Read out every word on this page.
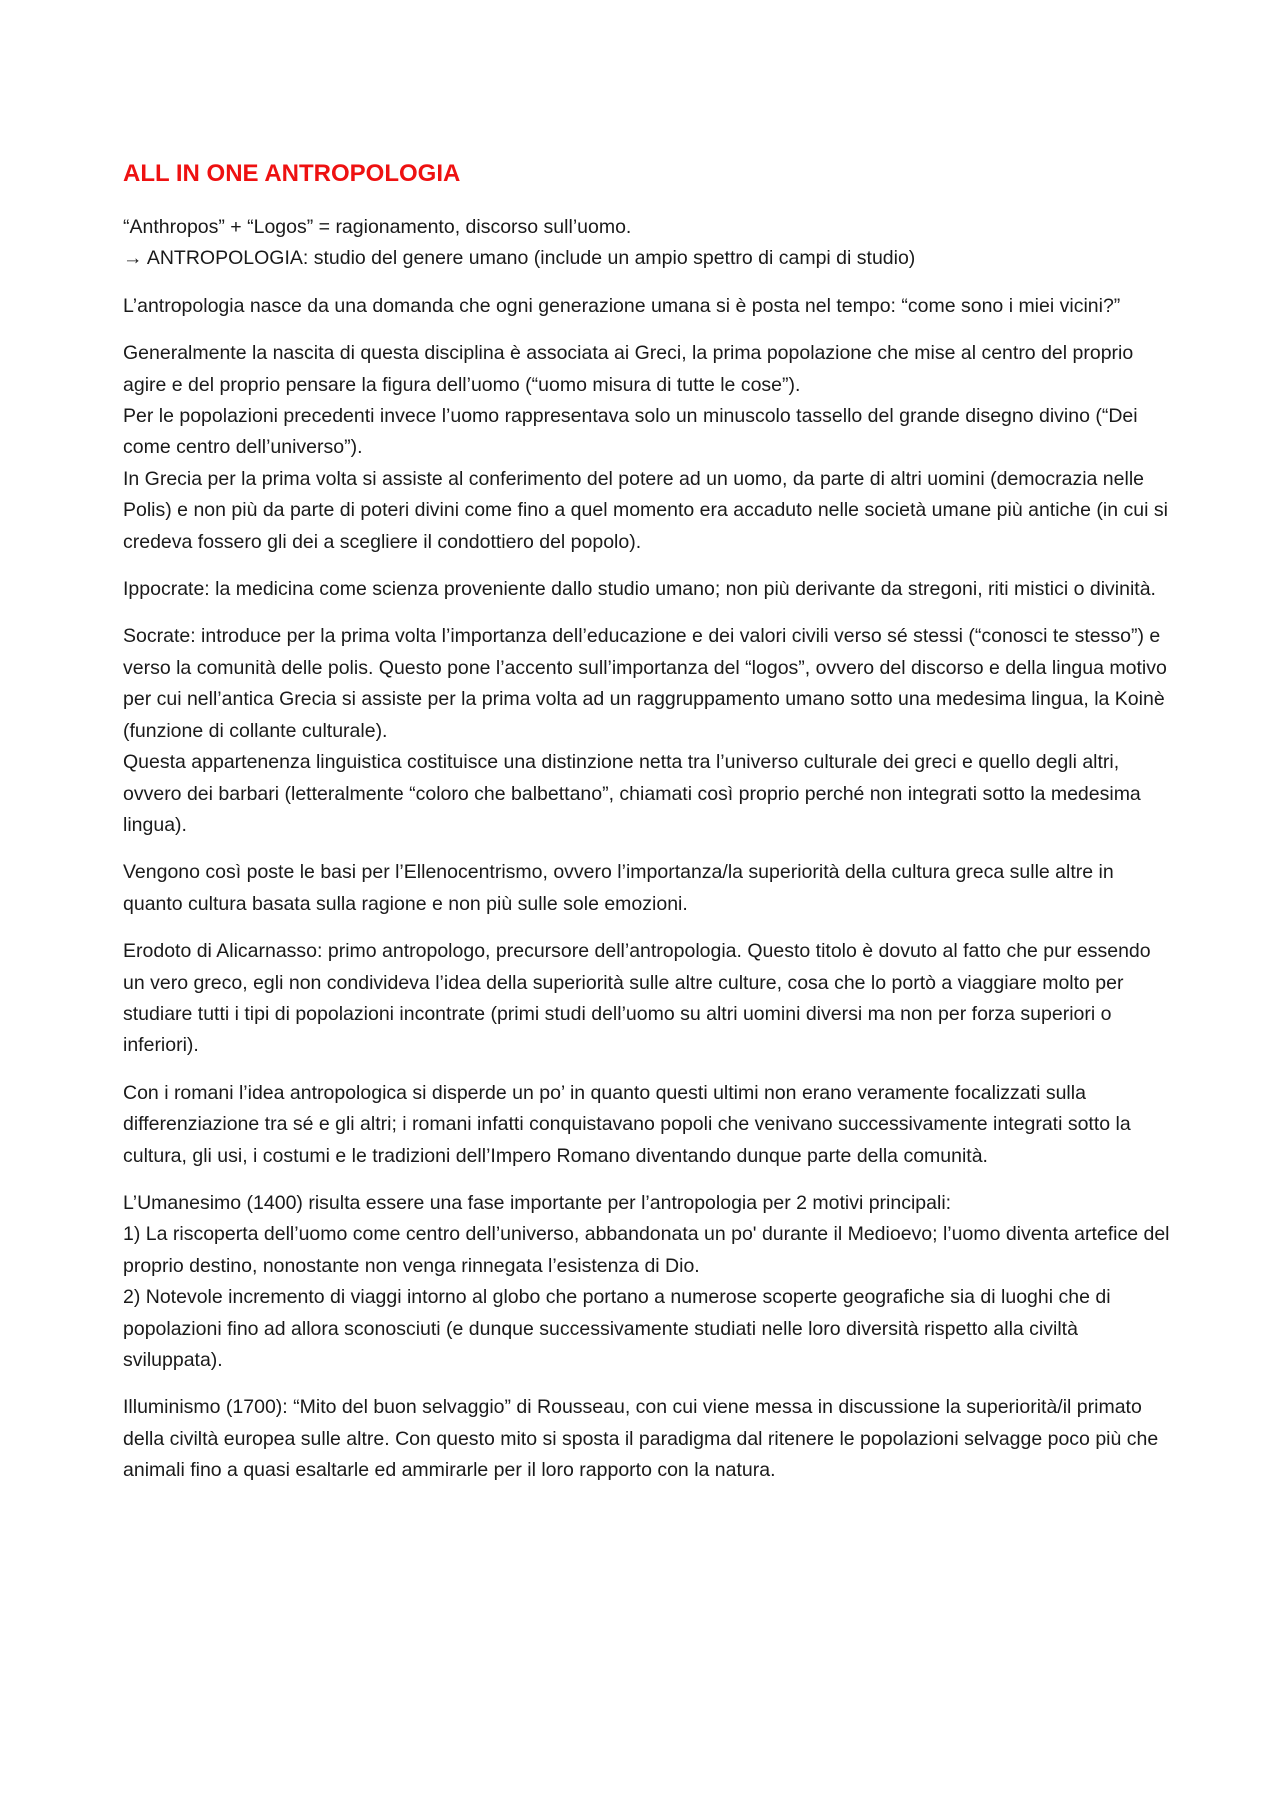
ALL IN ONE ANTROPOLOGIA
“Anthropos” + “Logos” = ragionamento, discorso sull’uomo.
→ ANTROPOLOGIA: studio del genere umano (include un ampio spettro di campi di studio)
L’antropologia nasce da una domanda che ogni generazione umana si è posta nel tempo: “come sono i miei vicini?”
Generalmente la nascita di questa disciplina è associata ai Greci, la prima popolazione che mise al centro del proprio agire e del proprio pensare la figura dell’uomo (“uomo misura di tutte le cose”).
Per le popolazioni precedenti invece l’uomo rappresentava solo un minuscolo tassello del grande disegno divino (“Dei come centro dell’universo”).
In Grecia per la prima volta si assiste al conferimento del potere ad un uomo, da parte di altri uomini (democrazia nelle Polis) e non più da parte di poteri divini come fino a quel momento era accaduto nelle società umane più antiche (in cui si credeva fossero gli dei a scegliere il condottiero del popolo).
Ippocrate: la medicina come scienza proveniente dallo studio umano; non più derivante da stregoni, riti mistici o divinità.
Socrate: introduce per la prima volta l’importanza dell’educazione e dei valori civili verso sé stessi (“conosci te stesso”) e verso la comunità delle polis. Questo pone l’accento sull’importanza del “logos”, ovvero del discorso e della lingua motivo per cui nell’antica Grecia si assiste per la prima volta ad un raggruppamento umano sotto una medesima lingua, la Koinè (funzione di collante culturale).
Questa appartenenza linguistica costituisce una distinzione netta tra l’universo culturale dei greci e quello degli altri, ovvero dei barbari (letteralmente “coloro che balbettano”, chiamati così proprio perché non integrati sotto la medesima lingua).
Vengono così poste le basi per l’Ellenocentrismo, ovvero l’importanza/la superiorità della cultura greca sulle altre in quanto cultura basata sulla ragione e non più sulle sole emozioni.
Erodoto di Alicarnasso: primo antropologo, precursore dell’antropologia. Questo titolo è dovuto al fatto che pur essendo un vero greco, egli non condivideva l’idea della superiorità sulle altre culture, cosa che lo portò a viaggiare molto per studiare tutti i tipi di popolazioni incontrate (primi studi dell’uomo su altri uomini diversi ma non per forza superiori o inferiori).
Con i romani l’idea antropologica si disperde un po’ in quanto questi ultimi non erano veramente focalizzati sulla differenziazione tra sé e gli altri; i romani infatti conquistavano popoli che venivano successivamente integrati sotto la cultura, gli usi, i costumi e le tradizioni dell’Impero Romano diventando dunque parte della comunità.
L’Umanesimo (1400) risulta essere una fase importante per l’antropologia per 2 motivi principali:
1) La riscoperta dell’uomo come centro dell’universo, abbandonata un po' durante il Medioevo; l’uomo diventa artefice del proprio destino, nonostante non venga rinnegata l’esistenza di Dio.
2) Notevole incremento di viaggi intorno al globo che portano a numerose scoperte geografiche sia di luoghi che di popolazioni fino ad allora sconosciuti (e dunque successivamente studiati nelle loro diversità rispetto alla civiltà sviluppata).
Illuminismo (1700): “Mito del buon selvaggio” di Rousseau, con cui viene messa in discussione la superiorità/il primato della civiltà europea sulle altre. Con questo mito si sposta il paradigma dal ritenere le popolazioni selvagge poco più che animali fino a quasi esaltarle ed ammirarle per il loro rapporto con la natura.
